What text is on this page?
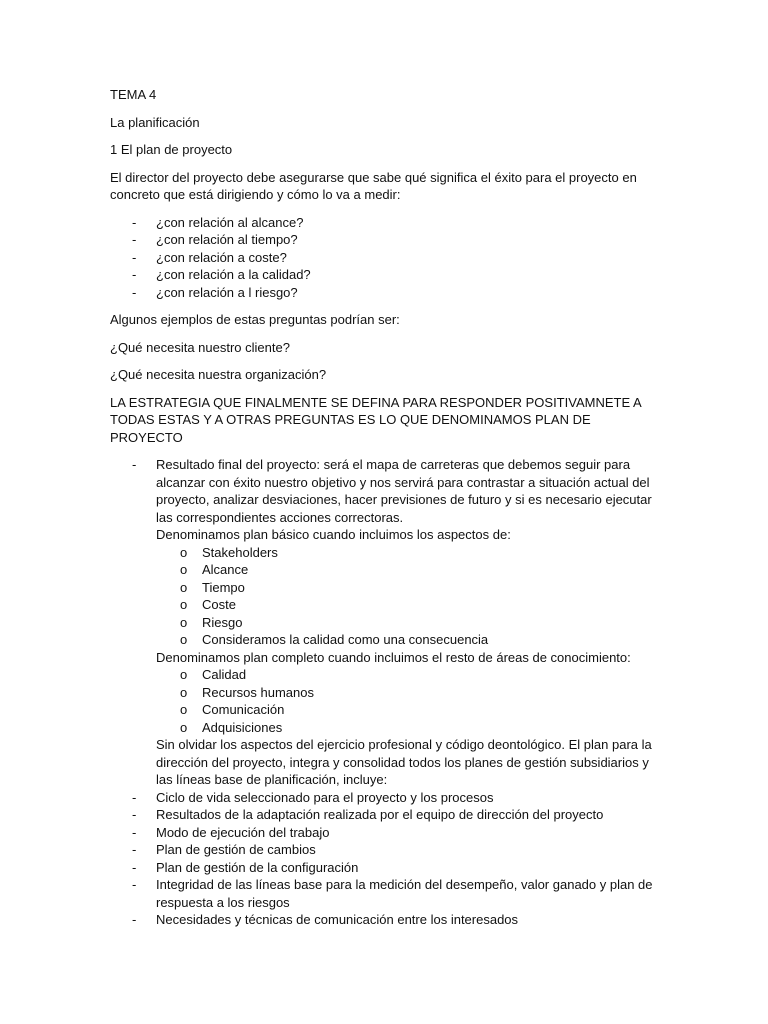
TEMA 4

La planificación

1 El plan de proyecto

El director del proyecto debe asegurarse que sabe qué significa el éxito para el proyecto en concreto que está dirigiendo y cómo lo va a medir:

- ¿con relación al alcance?
- ¿con relación al tiempo?
- ¿con relación a coste?
- ¿con relación a la calidad?
- ¿con relación a l riesgo?

Algunos ejemplos de estas preguntas podrían ser:

¿Qué necesita nuestro cliente?

¿Qué necesita nuestra organización?

LA ESTRATEGIA QUE FINALMENTE SE DEFINA PARA RESPONDER POSITIVAMNETE A TODAS ESTAS Y A OTRAS PREGUNTAS ES LO QUE DENOMINAMOS PLAN DE PROYECTO

- Resultado final del proyecto: será el mapa de carreteras que debemos seguir para alcanzar con éxito nuestro objetivo y nos servirá para contrastar a situación actual del proyecto, analizar desviaciones, hacer previsiones de futuro y si es necesario ejecutar las correspondientes acciones correctoras.
Denominamos plan básico cuando incluimos los aspectos de:
o Stakeholders
o Alcance
o Tiempo
o Coste
o Riesgo
o Consideramos la calidad como una consecuencia
Denominamos plan completo cuando incluimos el resto de áreas de conocimiento:
o Calidad
o Recursos humanos
o Comunicación
o Adquisiciones
Sin olvidar los aspectos del ejercicio profesional y código deontológico. El plan para la dirección del proyecto, integra y consolidad todos los planes de gestión subsidiarios y las líneas base de planificación, incluye:
- Ciclo de vida seleccionado para el proyecto y los procesos
- Resultados de la adaptación realizada por el equipo de dirección del proyecto
- Modo de ejecución del trabajo
- Plan de gestión de cambios
- Plan de gestión de la configuración
- Integridad de las líneas base para la medición del desempeño, valor ganado y plan de respuesta a los riesgos
- Necesidades y técnicas de comunicación entre los interesados
